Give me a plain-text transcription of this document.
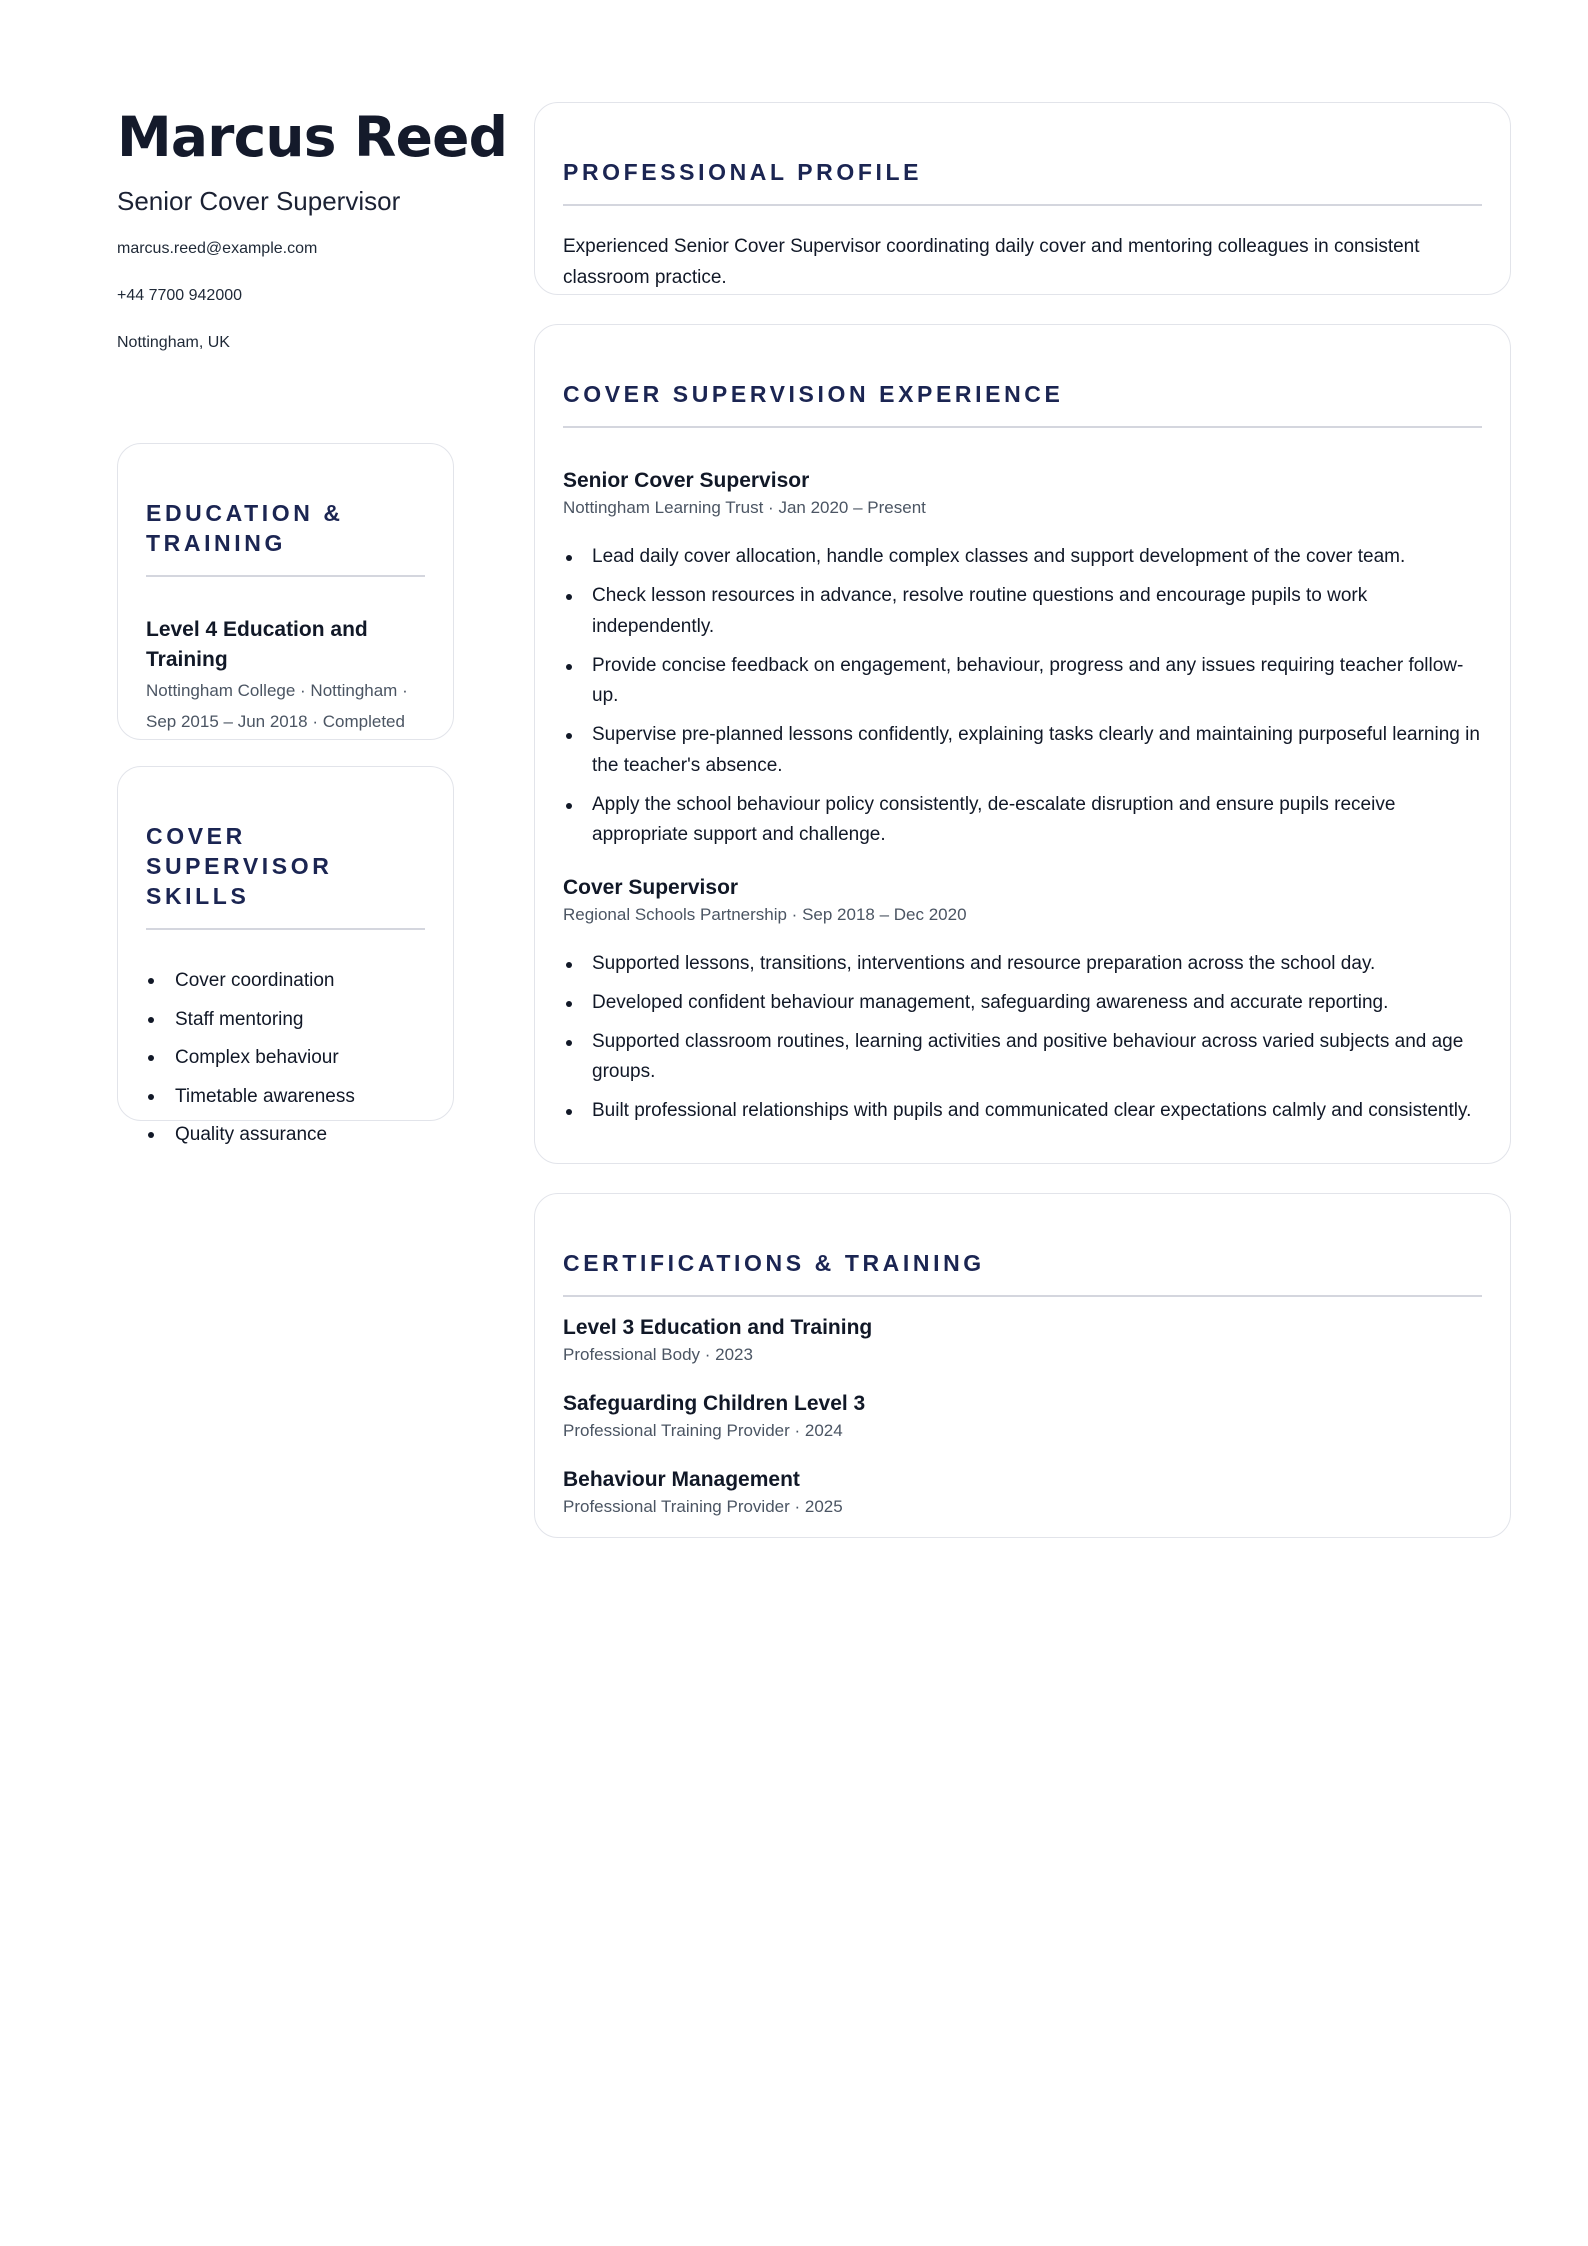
Marcus Reed
Senior Cover Supervisor
marcus.reed@example.com
+44 7700 942000
Nottingham, UK
EDUCATION & TRAINING
Level 4 Education and Training
Nottingham College · Nottingham · Sep 2015 – Jun 2018 · Completed
COVER SUPERVISOR SKILLS
Cover coordination
Staff mentoring
Complex behaviour
Timetable awareness
Quality assurance
PROFESSIONAL PROFILE

Experienced Senior Cover Supervisor coordinating daily cover and mentoring colleagues in consistent classroom practice.

COVER SUPERVISION EXPERIENCE
Senior Cover Supervisor
Nottingham Learning Trust · Jan 2020 – Present
Lead daily cover allocation, handle complex classes and support development of the cover team.
Check lesson resources in advance, resolve routine questions and encourage pupils to work independently.
Provide concise feedback on engagement, behaviour, progress and any issues requiring teacher follow-up.
Supervise pre-planned lessons confidently, explaining tasks clearly and maintaining purposeful learning in the teacher's absence.
Apply the school behaviour policy consistently, de-escalate disruption and ensure pupils receive appropriate support and challenge.
Cover Supervisor
Regional Schools Partnership · Sep 2018 – Dec 2020
Supported lessons, transitions, interventions and resource preparation across the school day.
Developed confident behaviour management, safeguarding awareness and accurate reporting.
Supported classroom routines, learning activities and positive behaviour across varied subjects and age groups.
Built professional relationships with pupils and communicated clear expectations calmly and consistently.
CERTIFICATIONS & TRAINING
Level 3 Education and Training
Professional Body · 2023
Safeguarding Children Level 3
Professional Training Provider · 2024
Behaviour Management
Professional Training Provider · 2025
